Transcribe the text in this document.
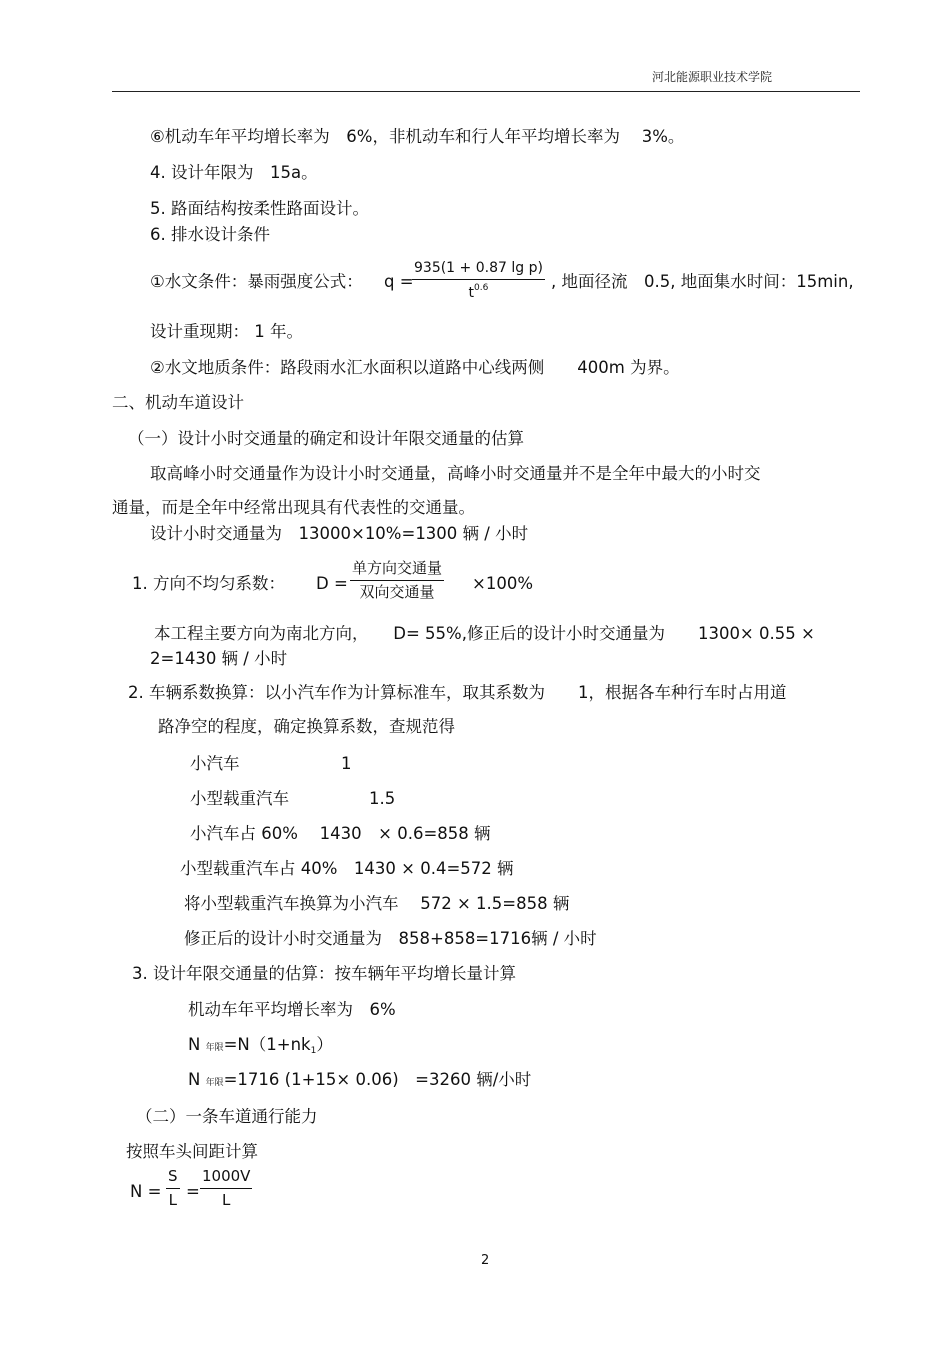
河北能源职业技术学院
⑥机动车年平均增长率为　6%，非机动车和行人年平均增长率为　 3%。
4. 设计年限为　15a。
5. 路面结构按柔性路面设计。
6. 排水设计条件
①水文条件：暴雨强度公式： q =
$\frac{\text{935(1 + 0.87 lg p)}}{t^{0.6}}$ , 地面径流　0.5, 地面集水时间：15min,
设计重现期： 1 年。
②水文地质条件：路段雨水汇水面积以道路中心线两侧　　400m 为界。
二、机动车道设计
（一）设计小时交通量的确定和设计年限交通量的估算
取高峰小时交通量作为设计小时交通量，高峰小时交通量并不是全年中最大的小时交
通量，而是全年中经常出现具有代表性的交通量。
设计小时交通量为　13000×10%=1300 辆 / 小时
1. 方向不均匀系数： D =
单方向交通量
双向交通量	×100%
本工程主要方向为南北方向，　　D= 55%,修正后的设计小时交通量为　　1300× 0.55 ×
2=1430 辆 / 小时
2. 车辆系数换算：以小汽车作为计算标准车，取其系数为　　1，根据各车种行车时占用道
路净空的程度，确定换算系数，查规范得
小汽车	1
小型载重汽车	1.5
小汽车占 60%　 1430　× 0.6=858 辆
小型载重汽车占 40%　1430 × 0.4=572 辆
将小型载重汽车换算为小汽车　 572 × 1.5=858 辆
修正后的设计小时交通量为　858+858=1716辆 / 小时
3. 设计年限交通量的估算：按车辆年平均增长量计算
机动车年平均增长率为　6%
N 年限$=N(1+nk_1)$
N 年限=1716 (1+15× 0.06)　=3260 辆/小时
（二）一条车道通行能力
按照车头间距计算
$N = \frac{S}{L} = \frac{1000V}{L}$
2
